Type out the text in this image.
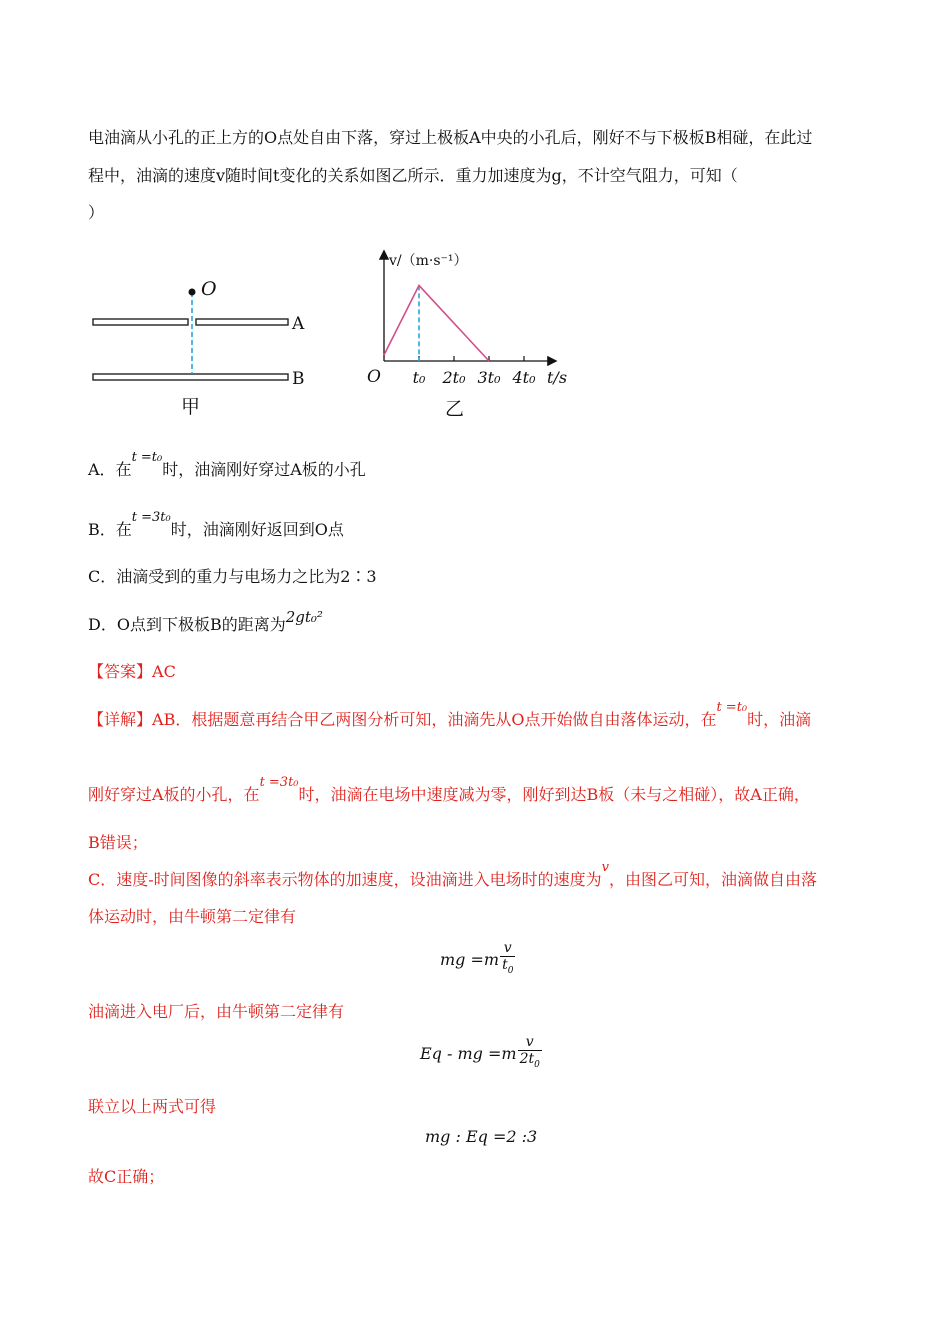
电油滴从小孔的正上方的O点处自由下落，穿过上极板A中央的小孔后，刚好不与下极板B相碰，在此过
程中，油滴的速度v随时间t变化的关系如图乙所示．重力加速度为g，不计空气阻力，可知（
）
O
A
B
甲
v/（m·s⁻¹）
O	t/s
t₀ 2t₀ 3t₀ 4t₀
乙
A．在$^{t =t_0}$时，油滴刚好穿过A板的小孔
B．在$^{t =3t_0}$时，油滴刚好返回到O点
C．油滴受到的重力与电场力之比为2∶3
D．O点到下极板B的距离为2gt₀²
【答案】AC
【详解】AB．根据题意再结合甲乙两图分析可知，油滴先从O点开始做自由落体运动，在$^{t =t_0}$时，油滴
刚好穿过A板的小孔，在$^{t =3t_0}$时，油滴在电场中速度减为零，刚好到达B板（未与之相碰），故A正确，
B错误；
C．速度-时间图像的斜率表示物体的加速度，设油滴进入电场时的速度为$^v$，由图乙可知，油滴做自由落
体运动时，由牛顿第二定律有
mg $=m \frac{v}{t_0}$
油滴进入电厂后，由牛顿第二定律有
Eq - mg $=m \frac{v}{2t_0}$
联立以上两式可得
mg : Eq =2 :3
故C正确；
